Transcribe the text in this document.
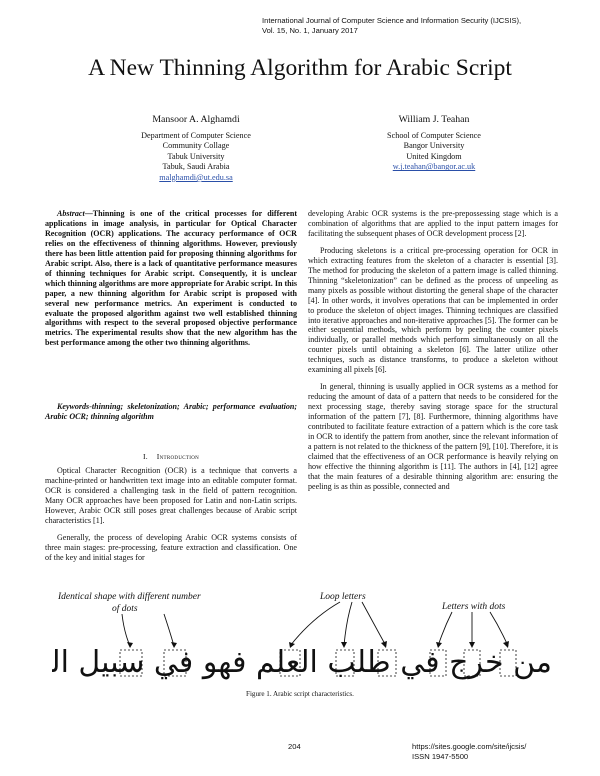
International Journal of Computer Science and Information Security (IJCSIS),
Vol. 15, No. 1, January 2017
A New Thinning Algorithm for Arabic Script
Mansoor A. Alghamdi
Department of Computer Science
Community Collage
Tabuk University
Tabuk, Saudi Arabia
malghamdi@ut.edu.sa
William J. Teahan
School of Computer Science
Bangor University
United Kingdom
w.j.teahan@bangor.ac.uk

Abstract—Thinning is one of the critical processes for different applications in image analysis, in particular for Optical Character Recognition (OCR) applications. The accuracy performance of OCR relies on the effectiveness of thinning algorithms. However, previously there has been little attention paid for proposing thinning algorithms for Arabic script. Also, there is a lack of quantitative performance measures of thinning techniques for Arabic script. Consequently, it is unclear which thinning algorithms are more appropriate for Arabic script. In this paper, a new thinning algorithm for Arabic script is proposed with several new performance metrics. An experiment is conducted to evaluate the proposed algorithm against two well established thinning algorithms with respect to the several proposed objective performance metrics. The experimental results show that the new algorithm has the best performance among the other two thinning algorithms.

Keywords-thinning; skeletonization; Arabic; performance evaluation; Arabic OCR; thinning algorithm

I. Introduction

Optical Character Recognition (OCR) is a technique that converts a machine-printed or handwritten text image into an editable computer format. OCR is considered a challenging task in the field of pattern recognition. Many OCR approaches have been proposed for Latin and non-Latin scripts. However, Arabic OCR still poses great challenges because of Arabic script characteristics [1].

Generally, the process of developing Arabic OCR systems consists of three main stages: pre-processing, feature extraction and classification. One of the key and initial stages for

developing Arabic OCR systems is the pre-prepossessing stage which is a combination of algorithms that are applied to the input pattern images for facilitating the subsequent phases of OCR development process [2].

Producing skeletons is a critical pre-processing operation for OCR in which extracting features from the skeleton of a character is essential [3]. The method for producing the skeleton of a pattern image is called thinning. Thinning “skeletonization” can be defined as the process of unpeeling as many pixels as possible without distorting the general shape of the character [4]. In other words, it involves operations that can be implemented in order to produce the skeleton of object images. Thinning techniques are classified into iterative approaches and non-iterative approaches [5]. The former can be either sequential methods, which perform by peeling the counter pixels individually, or parallel methods which perform simultaneously on all the counter pixels until obtaining a skeleton [6]. The latter utilize other techniques, such as distance transforms, to produce a skeleton without examining all pixels [6].

In general, thinning is usually applied in OCR systems as a method for reducing the amount of data of a pattern that needs to be considered for the next processing stage, thereby saving storage space for the structural information of the pattern [7], [8]. Furthermore, thinning algorithms have contributed to facilitate feature extraction of a pattern which is the core task in OCR to identify the pattern from another, since the relevant information of a pattern is not related to the thickness of the pattern [9], [10]. Therefore, it is claimed that the effectiveness of an OCR performance is heavily relying on how effective the thinning algorithm is [11]. The authors in [4], [12] agree that the main features of a desirable thinning algorithm are: ensuring the peeling is as thin as possible, connected and

Identical shape with different number
of dots
Loop letters
Letters with dots
من خرج في طلب العلم فهو في سبيل الله
Figure 1. Arabic script characteristics.
204	https://sites.google.com/site/ijcsis/
ISSN 1947-5500
